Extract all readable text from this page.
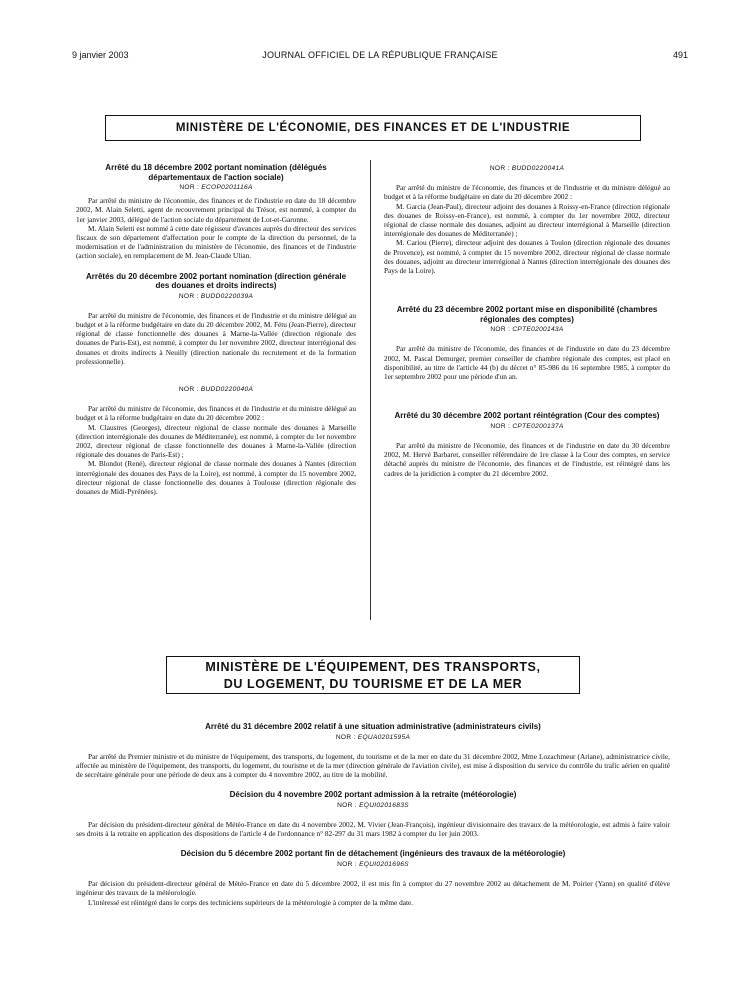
9 janvier 2003	JOURNAL OFFICIEL DE LA RÉPUBLIQUE FRANÇAISE	491
MINISTÈRE DE L'ÉCONOMIE, DES FINANCES ET DE L'INDUSTRIE
Arrêté du 18 décembre 2002 portant nomination (délégués départementaux de l'action sociale)
NOR : ECOP0201116A

Par arrêté du ministre de l'économie, des finances et de l'industrie en date du 18 décembre 2002, M. Alain Seletti, agent de recouvrement principal du Trésor, est nommé, à compter du 1er janvier 2003, délégué de l'action sociale du département de Lot-et-Garonne.

M. Alain Seletti est nommé à cette date régisseur d'avances auprès du directeur des services fiscaux de son département d'affectation pour le compte de la direction du personnel, de la modernisation et de l'administration du ministère de l'économie, des finances et de l'industrie (action sociale), en remplacement de M. Jean-Claude Ulian.

Arrêtés du 20 décembre 2002 portant nomination (direction générale des douanes et droits indirects)
NOR : BUDD0220039A

Par arrêté du ministre de l'économie, des finances et de l'industrie et du ministre délégué au budget et à la réforme budgétaire en date du 20 décembre 2002, M. Fétu (Jean-Pierre), directeur régional de classe fonctionnelle des douanes à Marne-la-Vallée (direction régionale des douanes de Paris-Est), est nommé, à compter du 1er novembre 2002, directeur interrégional des douanes et droits indirects à Neuilly (direction nationale du recrutement et de la formation professionnelle).

NOR : BUDD0220040A

Par arrêté du ministre de l'économie, des finances et de l'industrie et du ministre délégué au budget et à la réforme budgétaire en date du 20 décembre 2002 :

M. Claustres (Georges), directeur régional de classe normale des douanes à Marseille (direction interrégionale des douanes de Méditerranée), est nommé, à compter du 1er novembre 2002, directeur régional de classe fonctionnelle des douanes à Marne-la-Vallée (direction régionale des douanes de Paris-Est) ;

M. Blondot (René), directeur régional de classe normale des douanes à Nantes (direction interrégionale des douanes des Pays de la Loire), est nommé, à compter du 15 novembre 2002, directeur régional de classe fonctionnelle des douanes à Toulouse (direction régionale des douanes de Midi-Pyrénées).

NOR : BUDD0220041A

Par arrêté du ministre de l'économie, des finances et de l'industrie et du ministre délégué au budget et à la réforme budgétaire en date du 20 décembre 2002 :

M. Garcia (Jean-Paul), directeur adjoint des douanes à Roissy-en-France (direction régionale des douanes de Roissy-en-France), est nommé, à compter du 1er novembre 2002, directeur régional de classe normale des douanes, adjoint au directeur interrégional à Marseille (direction interrégionale des douanes de Méditerranée) ;

M. Cariou (Pierre), directeur adjoint des douanes à Toulon (direction régionale des douanes de Provence), est nommé, à compter du 15 novembre 2002, directeur régional de classe normale des douanes, adjoint au directeur interrégional à Nantes (direction interrégionale des douanes des Pays de la Loire).

Arrêté du 23 décembre 2002 portant mise en disponibilité (chambres régionales des comptes)
NOR : CPTE0200143A

Par arrêté du ministre de l'économie, des finances et de l'industrie en date du 23 décembre 2002, M. Pascal Demurger, premier conseiller de chambre régionale des comptes, est placé en disponibilité, au titre de l'article 44 (b) du décret n° 85-986 du 16 septembre 1985, à compter du 1er septembre 2002 pour une période d'un an.

Arrêté du 30 décembre 2002 portant réintégration (Cour des comptes)
NOR : CPTE0200137A

Par arrêté du ministre de l'économie, des finances et de l'industrie en date du 30 décembre 2002, M. Hervé Barbaret, conseiller référendaire de 1re classe à la Cour des comptes, en service détaché auprès du ministre de l'économie, des finances et de l'industrie, est réintégré dans les cadres de la juridiction à compter du 21 décembre 2002.

MINISTÈRE DE L'ÉQUIPEMENT, DES TRANSPORTS,
DU LOGEMENT, DU TOURISME ET DE LA MER
Arrêté du 31 décembre 2002 relatif à une situation administrative (administrateurs civils)
NOR : EQUA0201595A

Par arrêté du Premier ministre et du ministre de l'équipement, des transports, du logement, du tourisme et de la mer en date du 31 décembre 2002, Mme Lozachmeur (Ariane), administratrice civile, affectée au ministère de l'équipement, des transports, du logement, du tourisme et de la mer (direction générale de l'aviation civile), est mise à disposition du service du contrôle du trafic aérien en qualité de secrétaire générale pour une période de deux ans à compter du 4 novembre 2002, au titre de la mobilité.

Décision du 4 novembre 2002 portant admission à la retraite (météorologie)
NOR : EQUI0201683S

Par décision du président-directeur général de Météo-France en date du 4 novembre 2002, M. Vivier (Jean-François), ingénieur divisionnaire des travaux de la météorologie, est admis à faire valoir ses droits à la retraite en application des dispositions de l'article 4 de l'ordonnance n° 82-297 du 31 mars 1982 à compter du 1er juin 2003.

Décision du 5 décembre 2002 portant fin de détachement (ingénieurs des travaux de la météorologie)
NOR : EQUI0201696S

Par décision du président-directeur général de Météo-France en date du 5 décembre 2002, il est mis fin à compter du 27 novembre 2002 au détachement de M. Poirier (Yann) en qualité d'élève ingénieur des travaux de la météorologie.

L'intéressé est réintégré dans le corps des techniciens supérieurs de la météorologie à compter de la même date.
